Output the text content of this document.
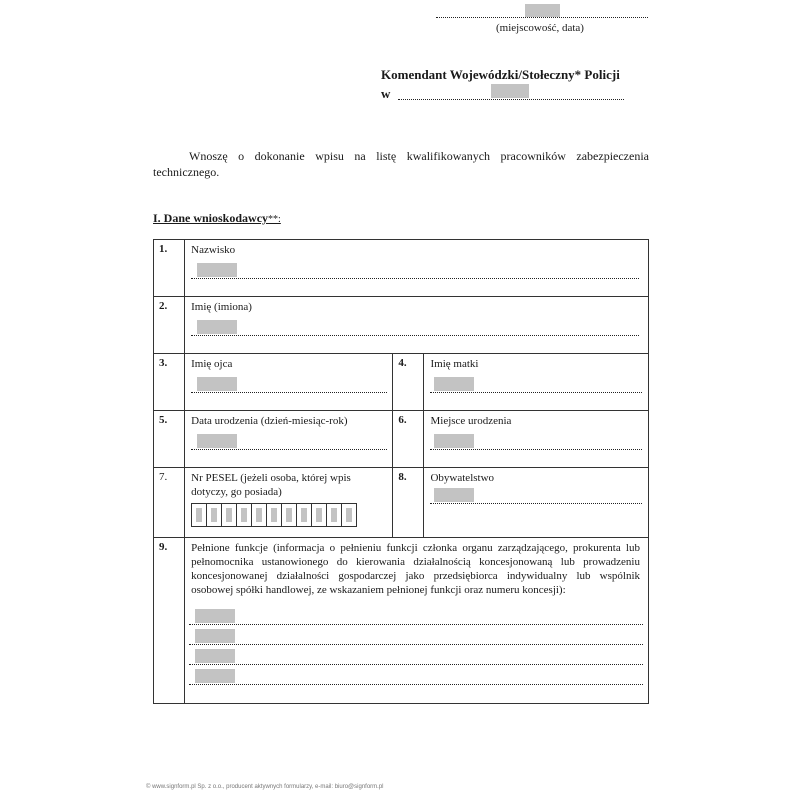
(miejscowość, data)
Komendant Wojewódzki/Stołeczny* Policji
w
Wnoszę o dokonanie wpisu na listę kwalifikowanych pracowników zabezpieczenia technicznego.
I. Dane wnioskodawcy**:
1.	Nazwisko		

2.	Imię (imiona)		

3.	Imię ojca	4.	Imię matki

5.	Data urodzenia (dzień-miesiąc-rok)	6.	Miejsce urodzenia

7.	Nr PESEL (jeżeli osoba, której wpis dotyczy, go posiada)	8.	Obywatelstwo

9.	Pełnione funkcje (informacja o pełnieniu funkcji członka organu zarządzającego, prokurenta lub pełnomocnika ustanowionego do kierowania działalnością koncesjonowaną lub prowadzeniu koncesjonowanej działalności gospodarczej jako przedsiębiorca indywidualny lub wspólnik osobowej spółki handlowej, ze wskazaniem pełnionej funkcji oraz numeru koncesji):		
© www.signform.pl Sp. z o.o., producent aktywnych formularzy, e-mail: biuro@signform.pl
